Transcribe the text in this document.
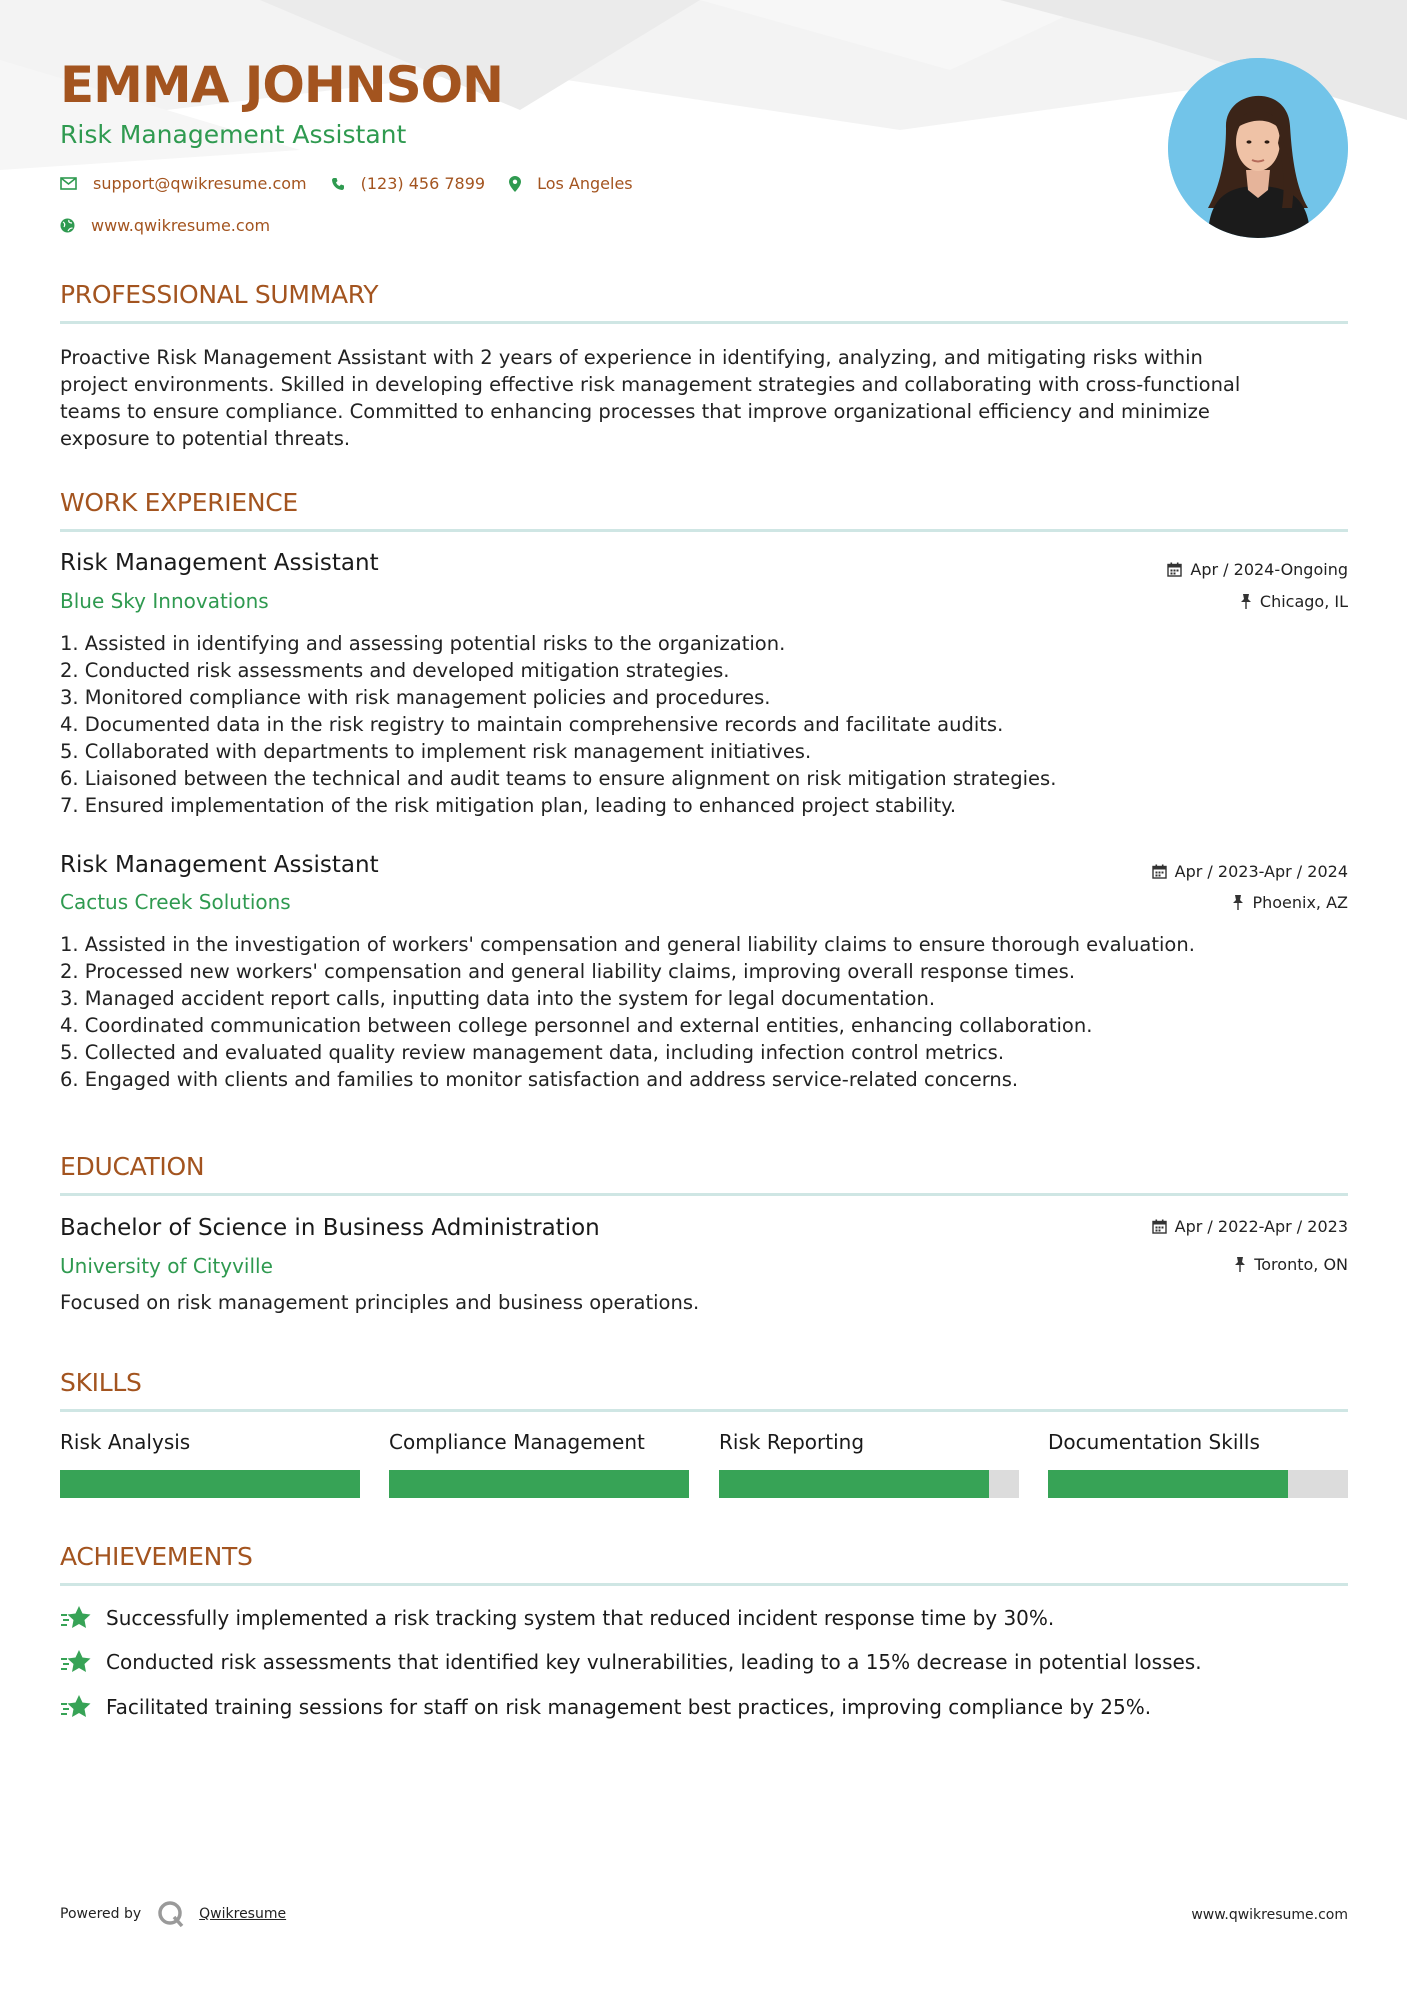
EMMA JOHNSON
Risk Management Assistant
support@qwikresume.com	(123) 456 7899	Los Angeles
www.qwikresume.com
PROFESSIONAL SUMMARY
Proactive Risk Management Assistant with 2 years of experience in identifying, analyzing, and mitigating risks within
project environments. Skilled in developing effective risk management strategies and collaborating with cross-functional
teams to ensure compliance. Committed to enhancing processes that improve organizational efficiency and minimize
exposure to potential threats.
WORK EXPERIENCE
Risk Management Assistant
Blue Sky Innovations
Apr / 2024-Ongoing
Chicago, IL
1. Assisted in identifying and assessing potential risks to the organization.
2. Conducted risk assessments and developed mitigation strategies.
3. Monitored compliance with risk management policies and procedures.
4. Documented data in the risk registry to maintain comprehensive records and facilitate audits.
5. Collaborated with departments to implement risk management initiatives.
6. Liaisoned between the technical and audit teams to ensure alignment on risk mitigation strategies.
7. Ensured implementation of the risk mitigation plan, leading to enhanced project stability.
Risk Management Assistant
Cactus Creek Solutions
Apr / 2023-Apr / 2024
Phoenix, AZ
1. Assisted in the investigation of workers' compensation and general liability claims to ensure thorough evaluation.
2. Processed new workers' compensation and general liability claims, improving overall response times.
3. Managed accident report calls, inputting data into the system for legal documentation.
4. Coordinated communication between college personnel and external entities, enhancing collaboration.
5. Collected and evaluated quality review management data, including infection control metrics.
6. Engaged with clients and families to monitor satisfaction and address service-related concerns.
EDUCATION
Bachelor of Science in Business Administration
University of Cityville
Apr / 2022-Apr / 2023
Toronto, ON
Focused on risk management principles and business operations.
SKILLS
Risk Analysis	Compliance Management	Risk Reporting	Documentation Skills
ACHIEVEMENTS
Successfully implemented a risk tracking system that reduced incident response time by 30%.
Conducted risk assessments that identified key vulnerabilities, leading to a 15% decrease in potential losses.
Facilitated training sessions for staff on risk management best practices, improving compliance by 25%.
Powered by	Qwikresume	www.qwikresume.com
